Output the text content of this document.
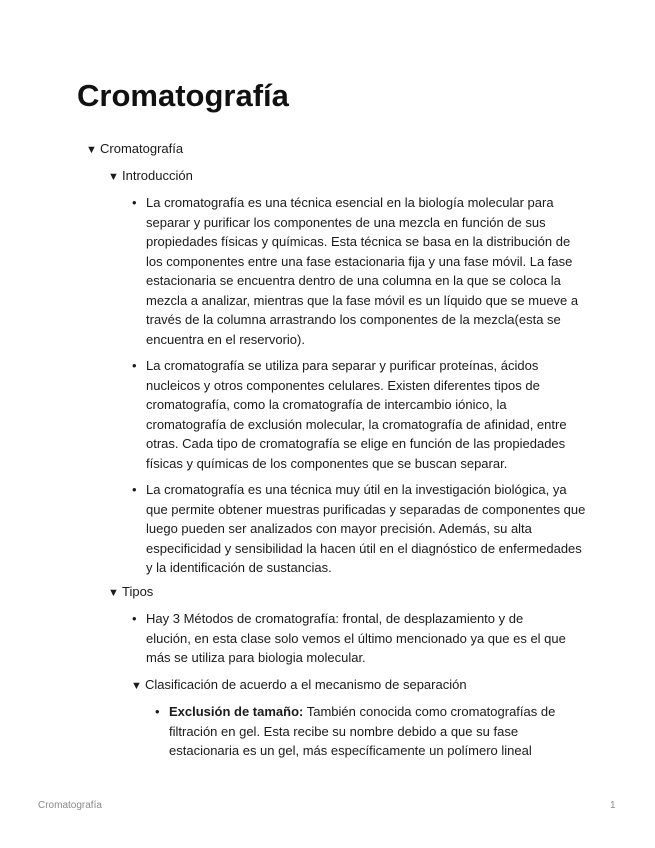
Cromatografía
▼ Cromatografía
▼ Introducción
• La cromatografía es una técnica esencial en la biología molecular para separar y purificar los componentes de una mezcla en función de sus propiedades físicas y químicas. Esta técnica se basa en la distribución de los componentes entre una fase estacionaria fija y una fase móvil. La fase estacionaria se encuentra dentro de una columna en la que se coloca la mezcla a analizar, mientras que la fase móvil es un líquido que se mueve a través de la columna arrastrando los componentes de la mezcla(esta se encuentra en el reservorio).
• La cromatografía se utiliza para separar y purificar proteínas, ácidos nucleicos y otros componentes celulares. Existen diferentes tipos de cromatografía, como la cromatografía de intercambio iónico, la cromatografía de exclusión molecular, la cromatografía de afinidad, entre otras. Cada tipo de cromatografía se elige en función de las propiedades físicas y químicas de los componentes que se buscan separar.
• La cromatografía es una técnica muy útil en la investigación biológica, ya que permite obtener muestras purificadas y separadas de componentes que luego pueden ser analizados con mayor precisión. Además, su alta especificidad y sensibilidad la hacen útil en el diagnóstico de enfermedades y la identificación de sustancias.
▼ Tipos
• Hay 3 Métodos de cromatografía: frontal, de desplazamiento y de elución, en esta clase solo vemos el último mencionado ya que es el que más se utiliza para biologia molecular.
▼ Clasificación de acuerdo a el mecanismo de separación
• Exclusión de tamaño: También conocida como cromatografías de filtración en gel. Esta recibe su nombre debido a que su fase estacionaria es un gel, más específicamente un polímero lineal
Cromatografía	1
